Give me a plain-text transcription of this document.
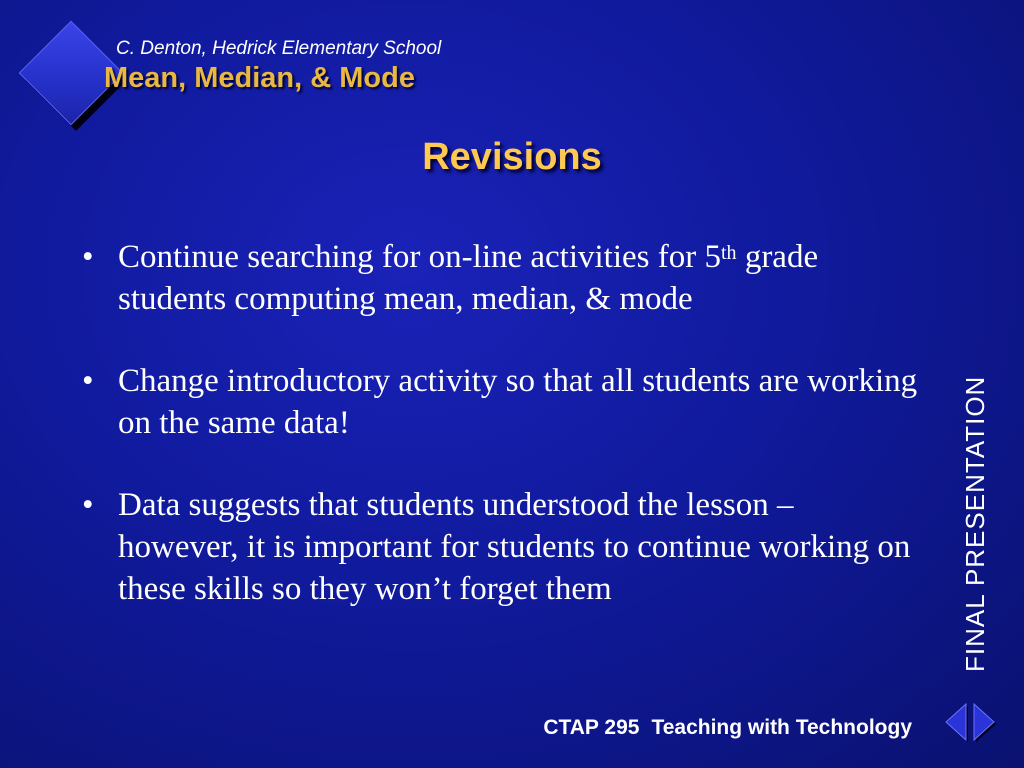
C. Denton, Hedrick Elementary School
Mean, Median, & Mode
Revisions
• Continue searching for on-line activities for 5th grade students computing mean, median, & mode
• Change introductory activity so that all students are working on the same data!
• Data suggests that students understood the lesson – however, it is important for students to continue working on these skills so they won’t forget them	FINAL PRESENTATION
CTAP 295 Teaching with Technology
